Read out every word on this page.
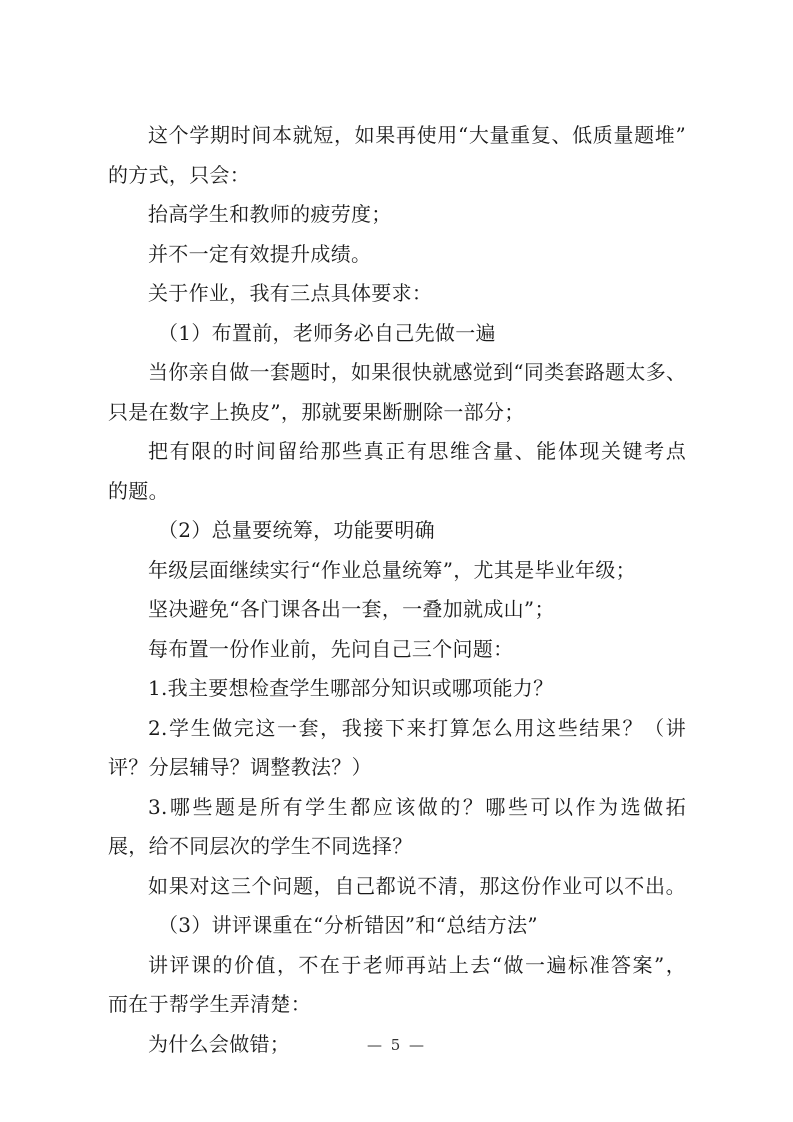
这个学期时间本就短，如果再使用“大量重复、低质量题堆”
的方式，只会：
抬高学生和教师的疲劳度；
并不一定有效提升成绩。
关于作业，我有三点具体要求：
（1）布置前，老师务必自己先做一遍
当你亲自做一套题时，如果很快就感觉到“同类套路题太多、
只是在数字上换皮”，那就要果断删除一部分；
把有限的时间留给那些真正有思维含量、能体现关键考点
的题。
（2）总量要统筹，功能要明确
年级层面继续实行“作业总量统筹”，尤其是毕业年级；
坚决避免“各门课各出一套，一叠加就成山”；
每布置一份作业前，先问自己三个问题：
1.我主要想检查学生哪部分知识或哪项能力？
2.学生做完这一套，我接下来打算怎么用这些结果？（讲
评？分层辅导？调整教法？）
3.哪些题是所有学生都应该做的？哪些可以作为选做拓
展，给不同层次的学生不同选择？
如果对这三个问题，自己都说不清，那这份作业可以不出。
（3）讲评课重在“分析错因”和“总结方法”
讲评课的价值，不在于老师再站上去“做一遍标准答案”，
而在于帮学生弄清楚：
为什么会做错；	— 5 —
